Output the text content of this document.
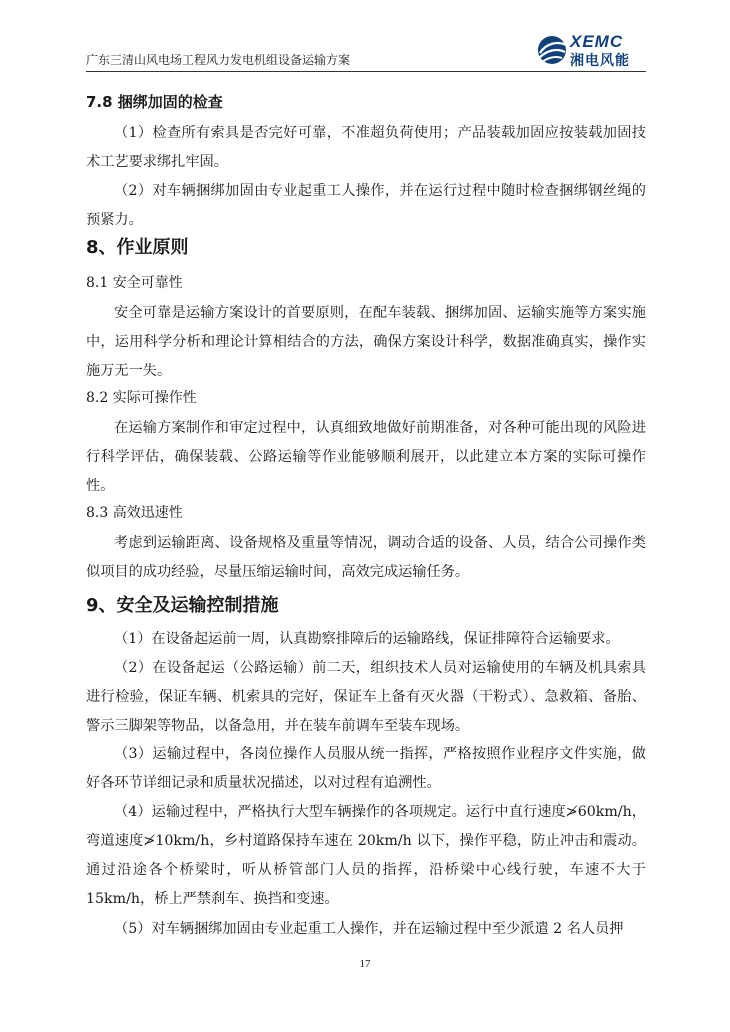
广东三清山风电场工程风力发电机组设备运输方案
XEMC
湘电风能
7.8 捆绑加固的检查
（1）检查所有索具是否完好可靠，不准超负荷使用；产品装载加固应按装载加固技术工艺要求绑扎牢固。
（2）对车辆捆绑加固由专业起重工人操作，并在运行过程中随时检查捆绑钢丝绳的预紧力。
8、作业原则
8.1 安全可靠性
安全可靠是运输方案设计的首要原则，在配车装载、捆绑加固、运输实施等方案实施中，运用科学分析和理论计算相结合的方法，确保方案设计科学，数据准确真实，操作实施万无一失。
8.2 实际可操作性
在运输方案制作和审定过程中，认真细致地做好前期准备，对各种可能出现的风险进行科学评估，确保装载、公路运输等作业能够顺利展开，以此建立本方案的实际可操作性。
8.3 高效迅速性
考虑到运输距离、设备规格及重量等情况，调动合适的设备、人员，结合公司操作类似项目的成功经验，尽量压缩运输时间，高效完成运输任务。
9、安全及运输控制措施
（1）在设备起运前一周，认真勘察排障后的运输路线，保证排障符合运输要求。
（2）在设备起运（公路运输）前二天，组织技术人员对运输使用的车辆及机具索具进行检验，保证车辆、机索具的完好，保证车上备有灭火器（干粉式）、急救箱、备胎、警示三脚架等物品，以备急用，并在装车前调车至装车现场。
（3）运输过程中，各岗位操作人员服从统一指挥，严格按照作业程序文件实施，做好各环节详细记录和质量状况描述，以对过程有追溯性。
（4）运输过程中，严格执行大型车辆操作的各项规定。运行中直行速度≯60km/h，弯道速度≯10km/h，乡村道路保持车速在 20km/h 以下，操作平稳，防止冲击和震动。通过沿途各个桥梁时，听从桥管部门人员的指挥，沿桥梁中心线行驶，车速不大于 15km/h，桥上严禁刹车、换挡和变速。
（5）对车辆捆绑加固由专业起重工人操作，并在运输过程中至少派遣 2 名人员押
17
